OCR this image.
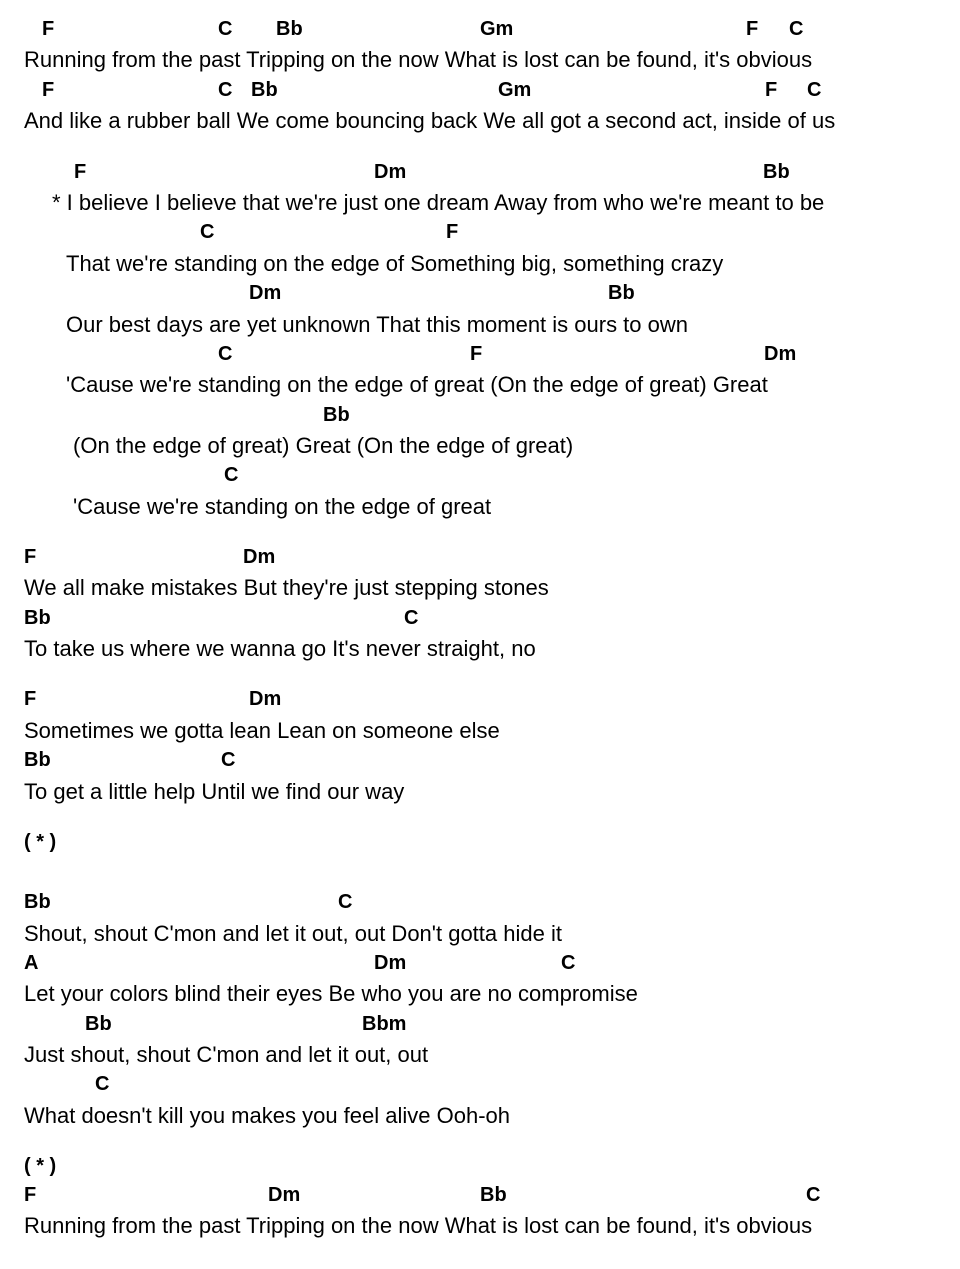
F	C Bb	Gm	F C
Running from the past Tripping on the now What is lost can be found, it's obvious
F	C Bb	Gm	F C
And like a rubber ball We come bouncing back We all got a second act, inside of us
F	Dm	Bb
* I believe I believe that we're just one dream Away from who we're meant to be
C	F
That we're standing on the edge of Something big, something crazy
Dm	Bb
Our best days are yet unknown That this moment is ours to own
C	F	Dm
'Cause we're standing on the edge of great (On the edge of great) Great
Bb
(On the edge of great) Great (On the edge of great)
C
'Cause we're standing on the edge of great
F	Dm
We all make mistakes But they're just stepping stones
Bb	C
To take us where we wanna go It's never straight, no
F	Dm
Sometimes we gotta lean Lean on someone else
Bb	C
To get a little help Until we find our way
( * )
Bb	C
Shout, shout C'mon and let it out, out Don't gotta hide it
A	Dm	C
Let your colors blind their eyes Be who you are no compromise
Bb	Bbm
Just shout, shout C'mon and let it out, out
C
What doesn't kill you makes you feel alive Ooh-oh
( * )
F	Dm	Bb	C
Running from the past Tripping on the now What is lost can be found, it's obvious
